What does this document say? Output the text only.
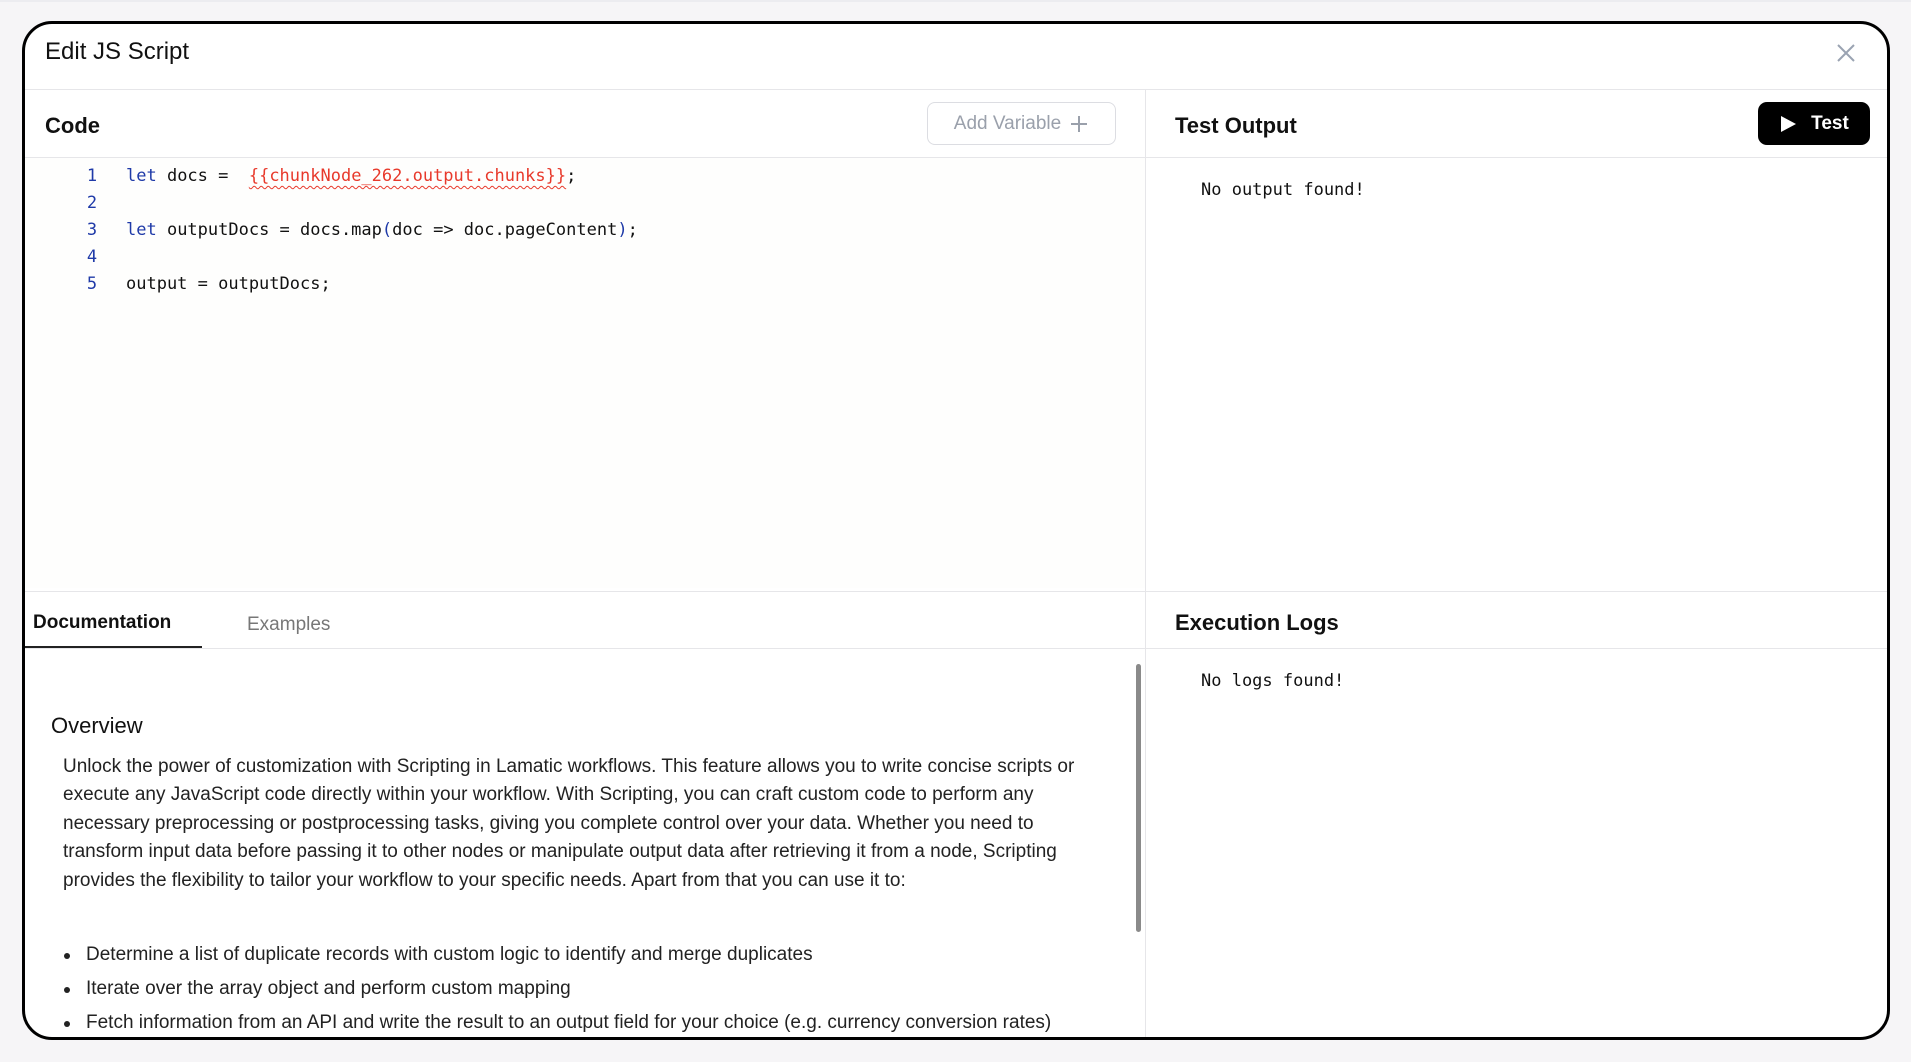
Edit JS Script
Code	Add Variable	Test Output	Test
1	let docs =  {{chunkNode_262.output.chunks}};
2
3	let outputDocs = docs.map(doc => doc.pageContent);
4
5	output = outputDocs;
No output found!
Documentation	Examples	Execution Logs
No logs found!
Overview

Unlock the power of customization with Scripting in Lamatic workflows. This feature allows you to write concise scripts or execute any JavaScript code directly within your workflow. With Scripting, you can craft custom code to perform any necessary preprocessing or postprocessing tasks, giving you complete control over your data. Whether you need to transform input data before passing it to other nodes or manipulate output data after retrieving it from a node, Scripting provides the flexibility to tailor your workflow to your specific needs. Apart from that you can use it to:

Determine a list of duplicate records with custom logic to identify and merge duplicates
Iterate over the array object and perform custom mapping
Fetch information from an API and write the result to an output field for your choice (e.g. currency conversion rates)
